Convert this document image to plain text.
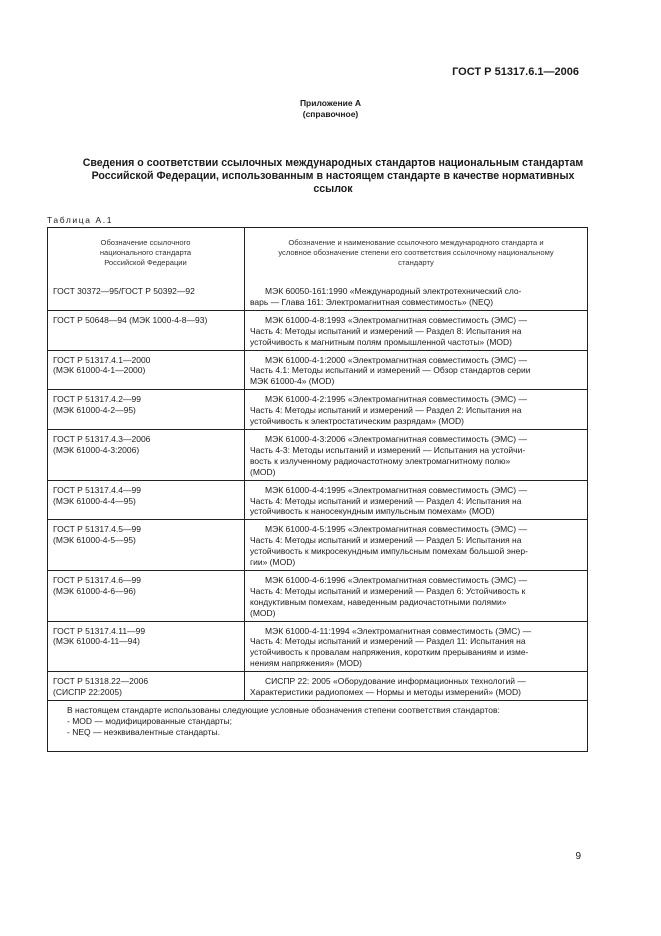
ГОСТ Р 51317.6.1—2006
Приложение А
(справочное)
Сведения о соответствии ссылочных международных стандартов национальным стандартам
Российской Федерации, использованным в настоящем стандарте в качестве нормативных
ссылок
Таблица А.1
Обозначение ссылочного
национального стандарта
Российской Федерации
Обозначение и наименование ссылочного международного стандарта и
условное обозначение степени его соответствия ссылочному национальному
стандарту
ГОСТ 30372—95/ГОСТ Р 50392—92	МЭК 60050-161:1990 «Международный электротехнический сло-
варь — Глава 161: Электромагнитная совместимость» (NEQ)
ГОСТ Р 50648—94 (МЭК 1000-4-8—93)	МЭК 61000-4-8:1993 «Электромагнитная совместимость (ЭМС) —
Часть 4: Методы испытаний и измерений — Раздел 8: Испытания на
устойчивость к магнитным полям промышленной частоты» (MOD)
ГОСТ Р 51317.4.1—2000
(МЭК 61000-4-1—2000)
МЭК 61000-4-1:2000 «Электромагнитная совместимость (ЭМС) —
Часть 4.1: Методы испытаний и измерений — Обзор стандартов серии
МЭК 61000-4» (MOD)
ГОСТ Р 51317.4.2—99
(МЭК 61000-4-2—95)
МЭК 61000-4-2:1995 «Электромагнитная совместимость (ЭМС) —
Часть 4: Методы испытаний и измерений — Раздел 2: Испытания на
устойчивость к электростатическим разрядам» (MOD)
ГОСТ Р 51317.4.3—2006
(МЭК 61000-4-3:2006)
МЭК 61000-4-3:2006 «Электромагнитная совместимость (ЭМС) —
Часть 4-3: Методы испытаний и измерений — Испытания на устойчи-
вость к излученному радиочастотному электромагнитному полю»
(MOD)
ГОСТ Р 51317.4.4—99
(МЭК 61000-4-4—95)
МЭК 61000-4-4:1995 «Электромагнитная совместимость (ЭМС) —
Часть 4: Методы испытаний и измерений — Раздел 4: Испытания на
устойчивость к наносекундным импульсным помехам» (MOD)
ГОСТ Р 51317.4.5—99
(МЭК 61000-4-5—95)
МЭК 61000-4-5:1995 «Электромагнитная совместимость (ЭМС) —
Часть 4: Методы испытаний и измерений — Раздел 5: Испытания на
устойчивость к микросекундным импульсным помехам большой энер-
гии» (MOD)
ГОСТ Р 51317.4.6—99
(МЭК 61000-4-6—96)
МЭК 61000-4-6:1996 «Электромагнитная совместимость (ЭМС) —
Часть 4: Методы испытаний и измерений — Раздел 6: Устойчивость к
кондуктивным помехам, наведенным радиочастотными полями»
(MOD)
ГОСТ Р 51317.4.11—99
(МЭК 61000-4-11—94)
МЭК 61000-4-11:1994 «Электромагнитная совместимость (ЭМС) —
Часть 4: Методы испытаний и измерений — Раздел 11: Испытания на
устойчивость к провалам напряжения, коротким прерываниям и изме-
нениям напряжения» (MOD)
ГОСТ Р 51318.22—2006
(СИСПР 22:2005)
СИСПР 22: 2005 «Оборудование информационных технологий —
Характеристики радиопомех — Нормы и методы измерений» (MOD)
В настоящем стандарте использованы следующие условные обозначения степени соответствия стандартов:
- MOD — модифицированные стандарты;
- NEQ — неэквивалентные стандарты.
9
